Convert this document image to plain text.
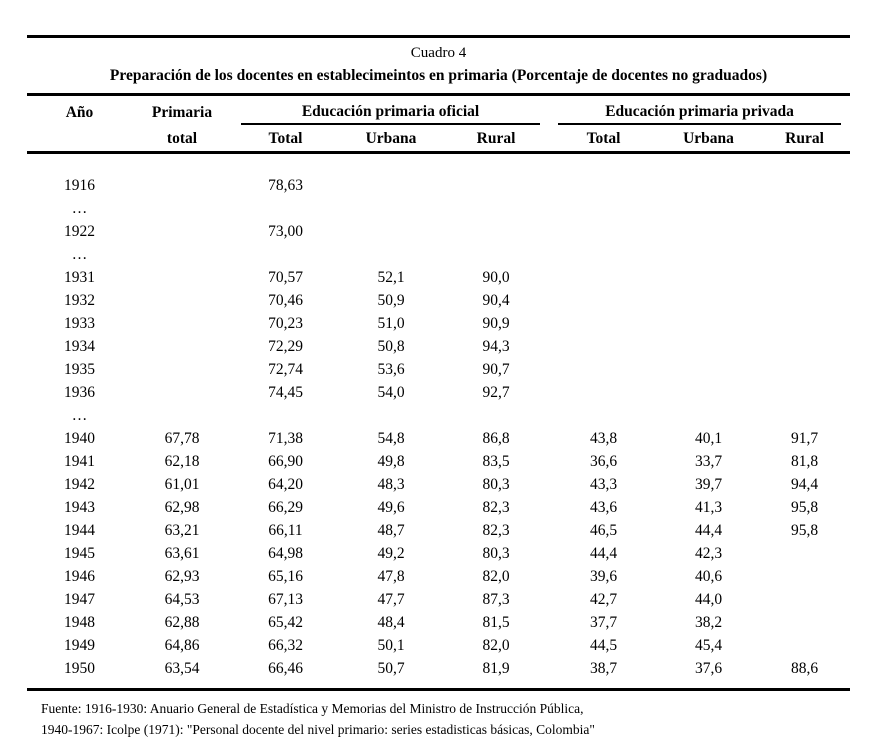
Cuadro 4
Preparación de los docentes en establecimeintos en primaria (Porcentaje de docentes no graduados)
Año	Primaria	Educación primaria oficial			Educación primaria privada		

	total	Total	Urbana	Rural	Total	Urbana	Rural
1916		78,63					
…							
1922		73,00					
…							
1931		70,57	52,1	90,0			
1932		70,46	50,9	90,4			
1933		70,23	51,0	90,9			
1934		72,29	50,8	94,3			
1935		72,74	53,6	90,7			
1936		74,45	54,0	92,7			
…							
1940	67,78	71,38	54,8	86,8	43,8	40,1	91,7
1941	62,18	66,90	49,8	83,5	36,6	33,7	81,8
1942	61,01	64,20	48,3	80,3	43,3	39,7	94,4
1943	62,98	66,29	49,6	82,3	43,6	41,3	95,8
1944	63,21	66,11	48,7	82,3	46,5	44,4	95,8
1945	63,61	64,98	49,2	80,3	44,4	42,3	
1946	62,93	65,16	47,8	82,0	39,6	40,6	
1947	64,53	67,13	47,7	87,3	42,7	44,0	
1948	62,88	65,42	48,4	81,5	37,7	38,2	
1949	64,86	66,32	50,1	82,0	44,5	45,4	
1950	63,54	66,46	50,7	81,9	38,7	37,6	88,6
Fuente: 1916-1930: Anuario General de Estadística y Memorias del Ministro de Instrucción Pública,
1940-1967: Icolpe (1971): "Personal docente del nivel primario: series estadisticas básicas, Colombia"
